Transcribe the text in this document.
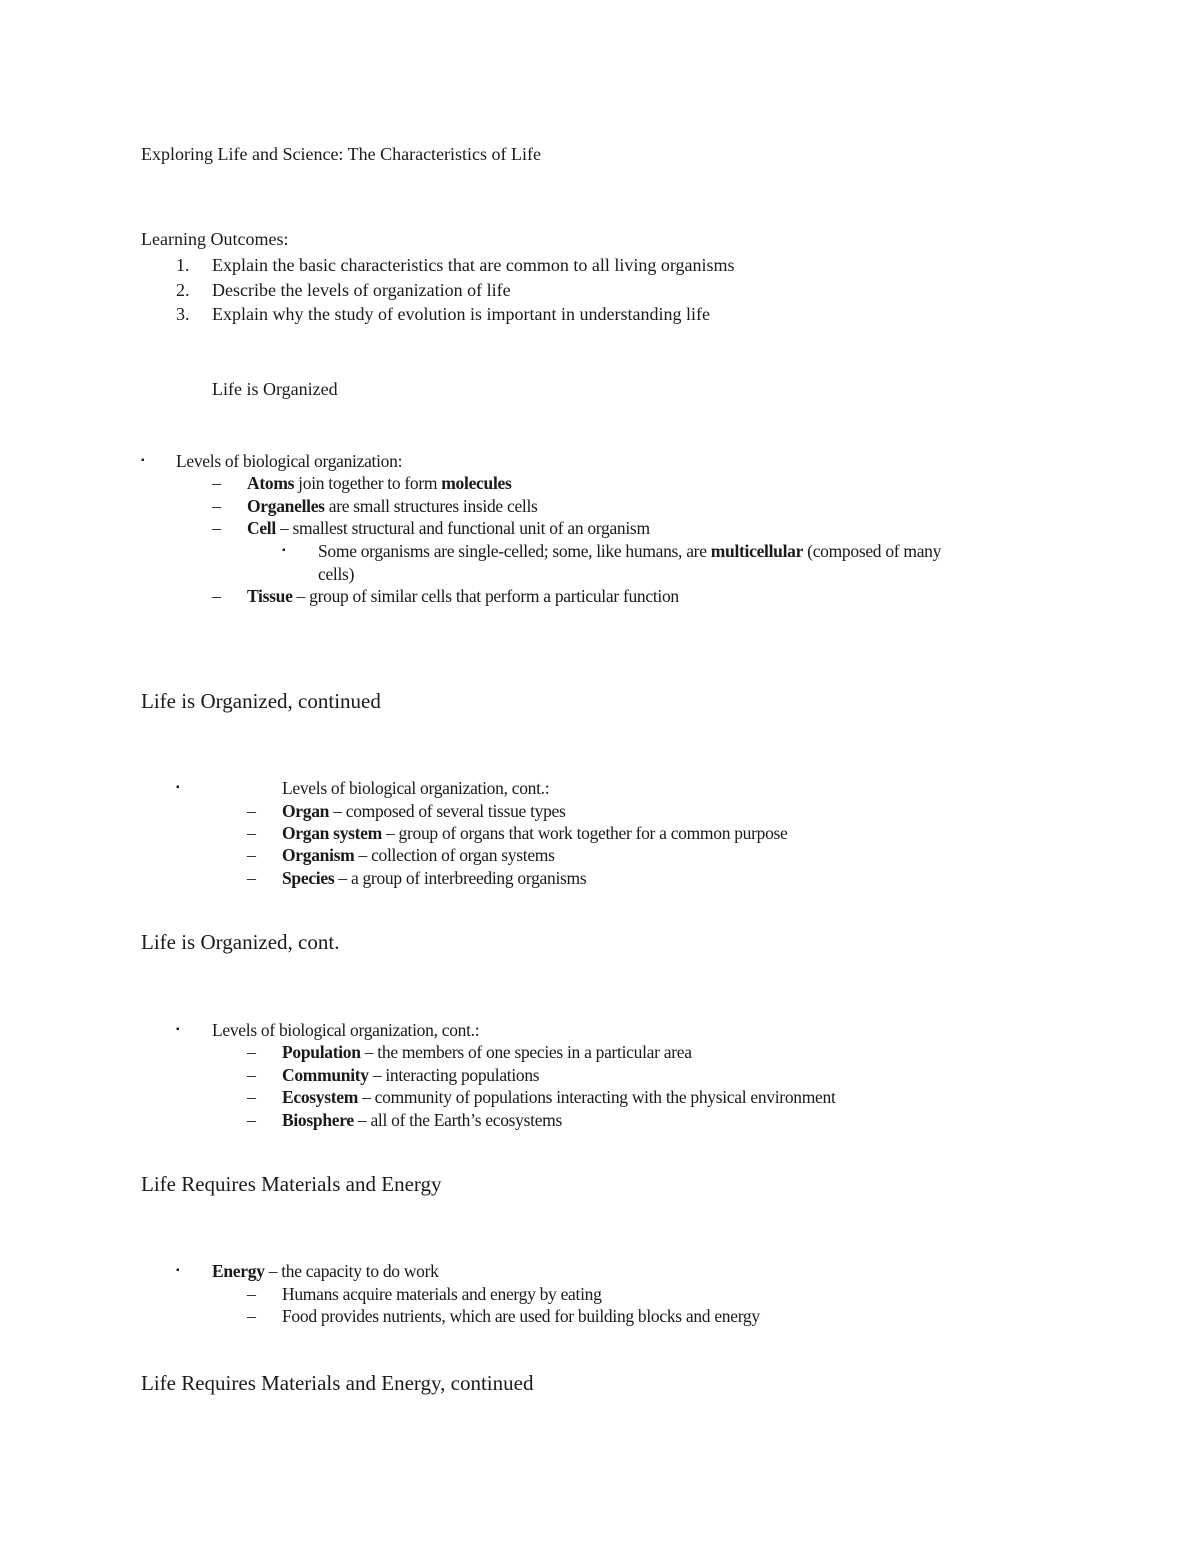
Exploring Life and Science: The Characteristics of Life
Learning Outcomes:
1. Explain the basic characteristics that are common to all living organisms
2. Describe the levels of organization of life
3. Explain why the study of evolution is important in understanding life
Life is Organized
▪ Levels of biological organization:
– Atoms join together to form molecules
– Organelles are small structures inside cells
– Cell – smallest structural and functional unit of an organism
▪ Some organisms are single-celled; some, like humans, are multicellular (composed of many
cells)
– Tissue – group of similar cells that perform a particular function
Life is Organized, continued
▪	Levels of biological organization, cont.:
– Organ – composed of several tissue types
– Organ system – group of organs that work together for a common purpose
– Organism – collection of organ systems
– Species – a group of interbreeding organisms
Life is Organized, cont.
▪ Levels of biological organization, cont.:
– Population – the members of one species in a particular area
– Community – interacting populations
– Ecosystem – community of populations interacting with the physical environment
– Biosphere – all of the Earth’s ecosystems
Life Requires Materials and Energy
▪ Energy – the capacity to do work
– Humans acquire materials and energy by eating
– Food provides nutrients, which are used for building blocks and energy
Life Requires Materials and Energy, continued
